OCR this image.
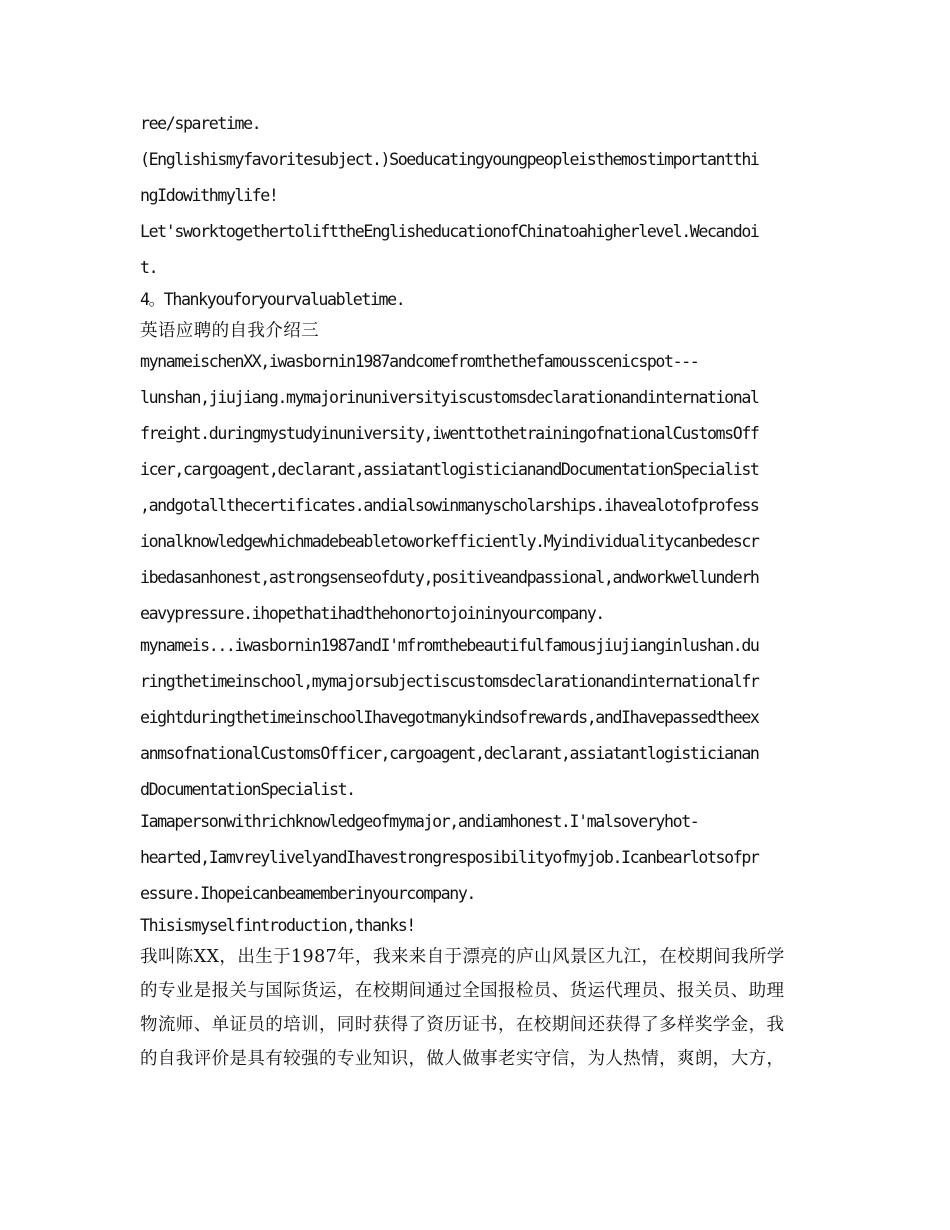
ree/sparetime.
(Englishismyfavoritesubject.)Soeducatingyoungpeopleisthemostimportantthi
ngIdowithmylife!
Let'sworktogethertolifttheEnglisheducationofChinatoahigherlevel.Wecandoi
t.
4。Thankyouforyourvaluabletime.
英语应聘的自我介绍三
mynameischenXX,iwasbornin1987andcomefromthethefamousscenicspot---
lunshan,jiujiang.mymajorinuniversityiscustomsdeclarationandinternational
freight.duringmystudyinuniversity,iwenttothetrainingofnationalCustomsOff
icer,cargoagent,declarant,assiatantlogisticianandDocumentationSpecialist
,andgotallthecertificates.andialsowinmanyscholarships.ihavealotofprofess
ionalknowledgewhichmadebeabletoworkefficiently.Myindividualitycanbedescr
ibedasanhonest,astrongsenseofduty,positiveandpassional,andworkwellunderh
eavypressure.ihopethatihadthehonortojoininyourcompany.
mynameis...iwasbornin1987andI'mfromthebeautifulfamousjiujianginlushan.du
ringthetimeinschool,mymajorsubjectiscustomsdeclarationandinternationalfr
eightduringthetimeinschoolIhavegotmanykindsofrewards,andIhavepassedtheex
anmsofnationalCustomsOfficer,cargoagent,declarant,assiatantlogisticianan
dDocumentationSpecialist.
Iamapersonwithrichknowledgeofmymajor,andiamhonest.I'malsoveryhot-
hearted,IamvreylivelyandIhavestrongresposibilityofmyjob.Icanbearlotsofpr
essure.Ihopeicanbeamemberinyourcompany.
Thisismyselfintroduction,thanks!
我叫陈XX，出生于1987年，我来来自于漂亮的庐山风景区九江，在校期间我所学
的专业是报关与国际货运，在校期间通过全国报检员、货运代理员、报关员、助理
物流师、单证员的培训，同时获得了资历证书，在校期间还获得了多样奖学金，我
的自我评价是具有较强的专业知识，做人做事老实守信，为人热情，爽朗，大方，
